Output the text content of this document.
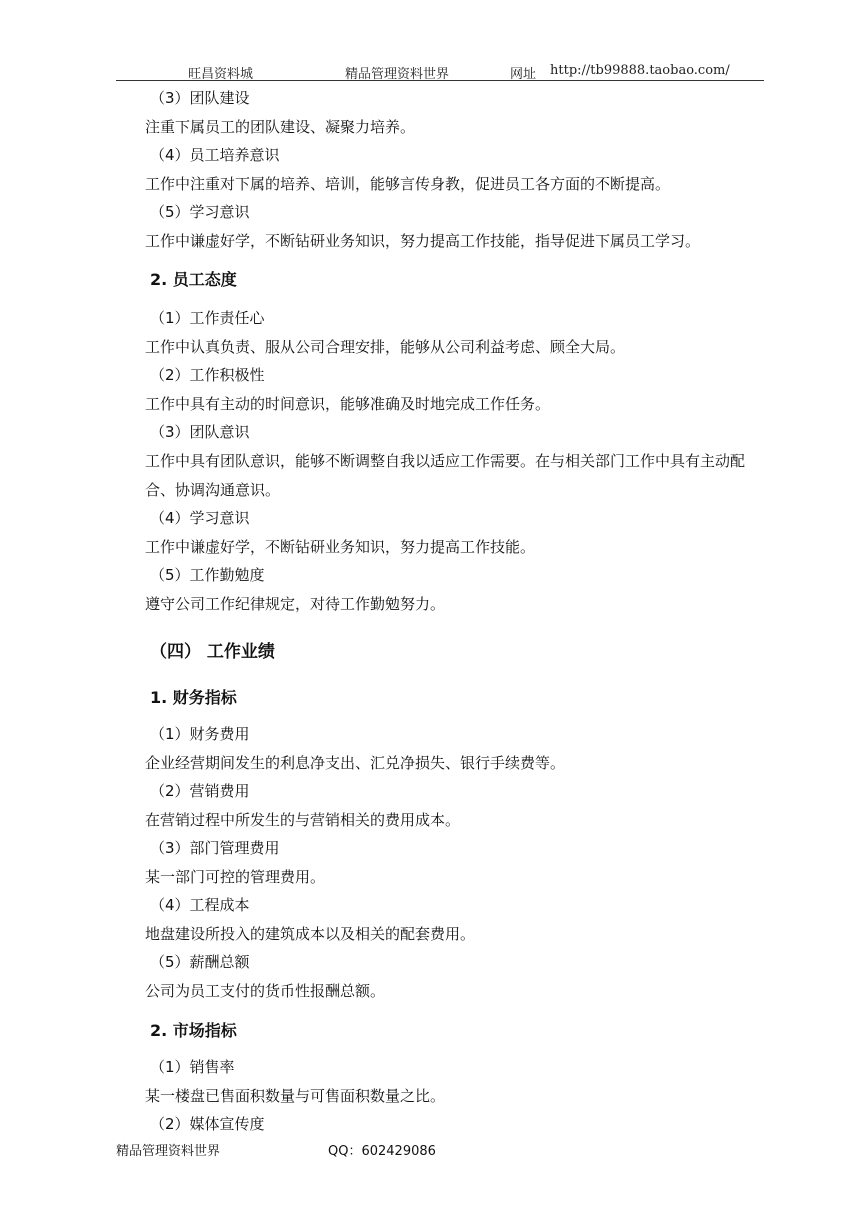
旺昌资料城	精品管理资料世界	网址 http://tb99888.taobao.com/
（3）团队建设
注重下属员工的团队建设、凝聚力培养。
（4）员工培养意识
工作中注重对下属的培养、培训，能够言传身教，促进员工各方面的不断提高。
（5）学习意识
工作中谦虚好学，不断钻研业务知识，努力提高工作技能，指导促进下属员工学习。
2. 员工态度
（1）工作责任心
工作中认真负责、服从公司合理安排，能够从公司利益考虑、顾全大局。
（2）工作积极性
工作中具有主动的时间意识，能够准确及时地完成工作任务。
（3）团队意识
工作中具有团队意识，能够不断调整自我以适应工作需要。在与相关部门工作中具有主动配
合、协调沟通意识。
（4）学习意识
工作中谦虚好学，不断钻研业务知识，努力提高工作技能。
（5）工作勤勉度
遵守公司工作纪律规定，对待工作勤勉努力。
（四） 工作业绩
1. 财务指标
（1）财务费用
企业经营期间发生的利息净支出、汇兑净损失、银行手续费等。
（2）营销费用
在营销过程中所发生的与营销相关的费用成本。
（3）部门管理费用
某一部门可控的管理费用。
（4）工程成本
地盘建设所投入的建筑成本以及相关的配套费用。
（5）薪酬总额
公司为员工支付的货币性报酬总额。
2. 市场指标
（1）销售率
某一楼盘已售面积数量与可售面积数量之比。
（2）媒体宣传度
精品管理资料世界	QQ：602429086
